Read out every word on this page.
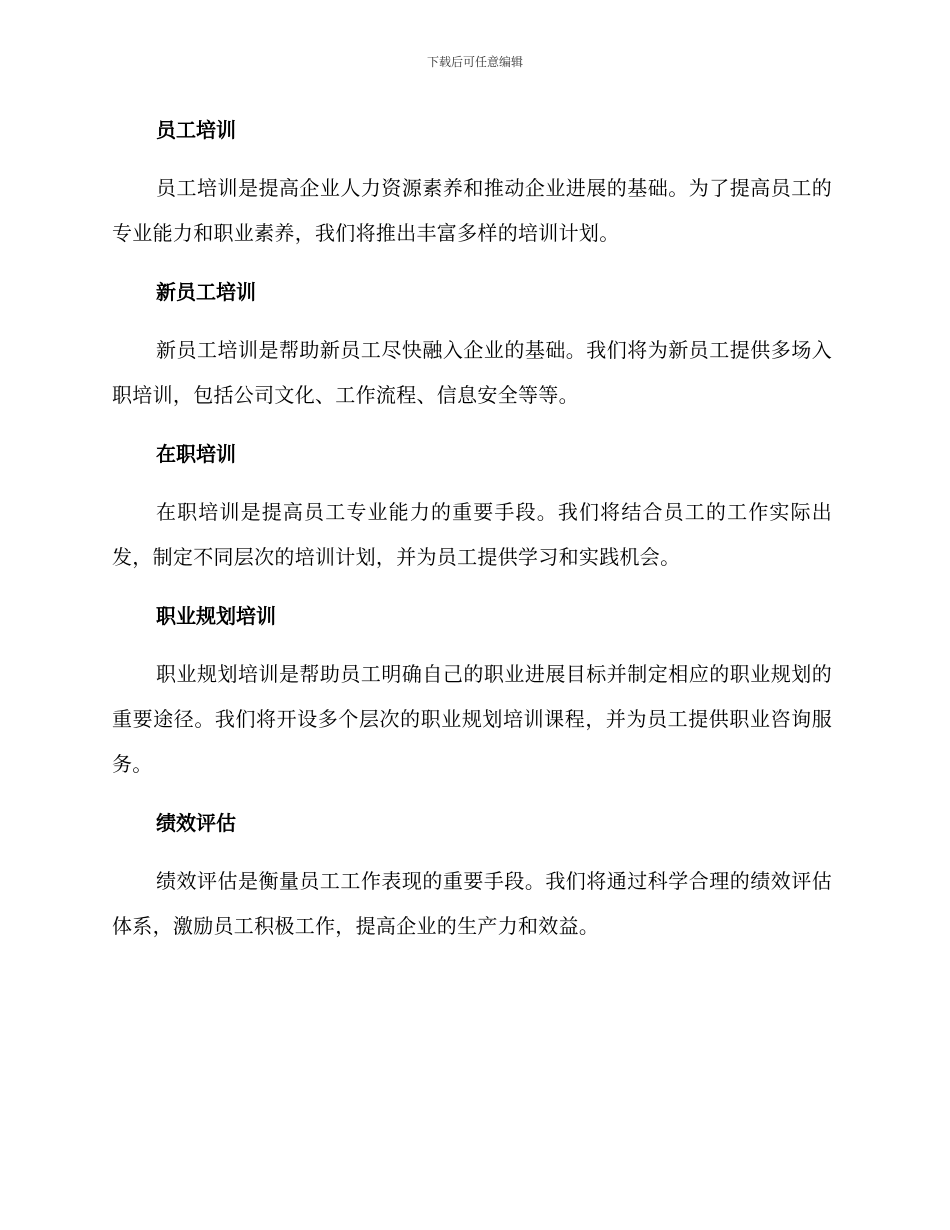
下载后可任意编辑
员工培训

员工培训是提高企业人力资源素养和推动企业进展的基础。为了提高员工的专业能力和职业素养，我们将推出丰富多样的培训计划。

新员工培训

新员工培训是帮助新员工尽快融入企业的基础。我们将为新员工提供多场入职培训，包括公司文化、工作流程、信息安全等等。

在职培训

在职培训是提高员工专业能力的重要手段。我们将结合员工的工作实际出发，制定不同层次的培训计划，并为员工提供学习和实践机会。

职业规划培训

职业规划培训是帮助员工明确自己的职业进展目标并制定相应的职业规划的重要途径。我们将开设多个层次的职业规划培训课程，并为员工提供职业咨询服务。

绩效评估

绩效评估是衡量员工工作表现的重要手段。我们将通过科学合理的绩效评估体系，激励员工积极工作，提高企业的生产力和效益。
